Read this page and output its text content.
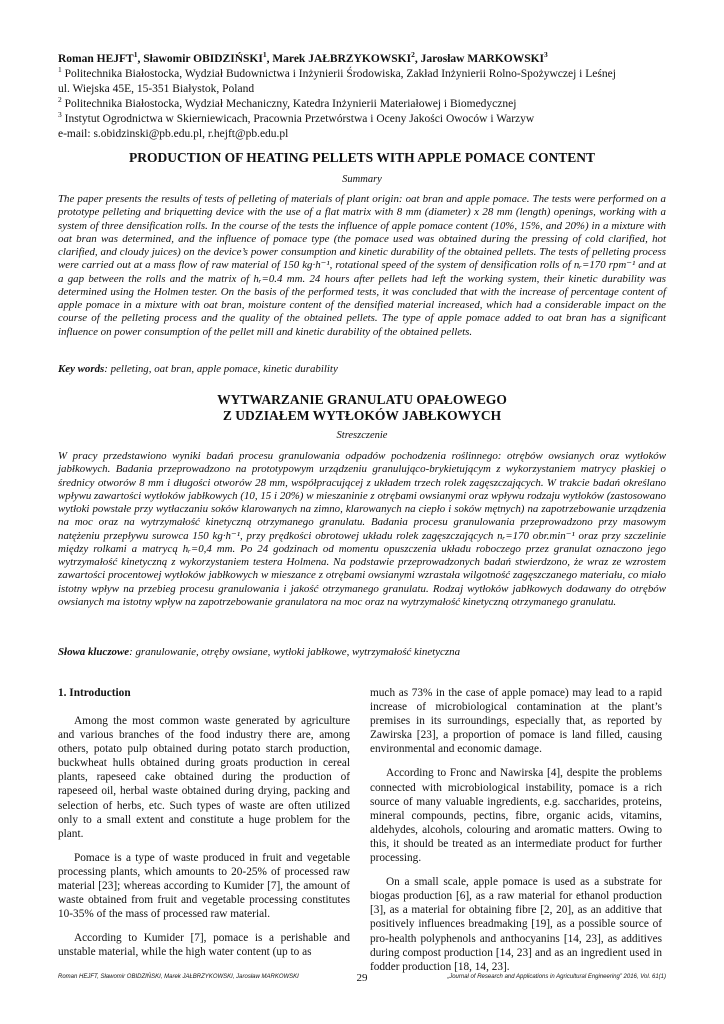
Roman HEJFT$^1$, Sławomir OBIDZIŃSKI$^1$, Marek JAŁBRZYKOWSKI$^2$, Jarosław MARKOWSKI$^3$

$^1$ Politechnika Białostocka, Wydział Budownictwa i Inżynierii Środowiska, Zakład Inżynierii Rolno-Spożywczej i Leśnej

ul. Wiejska 45E, 15-351 Białystok, Poland

$^2$ Politechnika Białostocka, Wydział Mechaniczny, Katedra Inżynierii Materiałowej i Biomedycznej

$^3$ Instytut Ogrodnictwa w Skierniewicach, Pracownia Przetwórstwa i Oceny Jakości Owoców i Warzyw

e-mail: s.obidzinski@pb.edu.pl, r.hejft@pb.edu.pl

PRODUCTION OF HEATING PELLETS WITH APPLE POMACE CONTENT
Summary

The paper presents the results of tests of pelleting of materials of plant origin: oat bran and apple pomace. The tests were performed on a prototype pelleting and briquetting device with the use of a flat matrix with 8 mm (diameter) x 28 mm (length) openings, working with a system of three densification rolls. In the course of the tests the influence of apple pomace content (10%, 15%, and 20%) in a mixture with oat bran was determined, and the influence of pomace type (the pomace used was obtained during the pressing of cold clarified, hot clarified, and cloudy juices) on the device’s power consumption and kinetic durability of the obtained pellets. The tests of pelleting process were carried out at a mass flow of raw material of 150 kg·h⁻¹, rotational speed of the system of densification rolls of nᵣ=170 rpm⁻¹ and at a gap between the rolls and the matrix of hᵣ=0.4 mm. 24 hours after pellets had left the working system, their kinetic durability was determined using the Holmen tester. On the basis of the performed tests, it was concluded that with the increase of percentage content of apple pomace in a mixture with oat bran, moisture content of the densified material increased, which had a considerable impact on the course of the pelleting process and the quality of the obtained pellets. The type of apple pomace added to oat bran has a significant influence on power consumption of the pellet mill and kinetic durability of the obtained pellets.

Key words: pelleting, oat bran, apple pomace, kinetic durability
WYTWARZANIE GRANULATU OPAŁOWEGO
Z UDZIAŁEM WYTŁOKÓW JABŁKOWYCH
Streszczenie

W pracy przedstawiono wyniki badań procesu granulowania odpadów pochodzenia roślinnego: otrębów owsianych oraz wytłoków jabłkowych. Badania przeprowadzono na prototypowym urządzeniu granulująco-brykietującym z wykorzystaniem matrycy płaskiej o średnicy otworów 8 mm i długości otworów 28 mm, współpracującej z układem trzech rolek zagęszczających. W trakcie badań określano wpływu zawartości wytłoków jabłkowych (10, 15 i 20%) w mieszaninie z otrębami owsianymi oraz wpływu rodzaju wytłoków (zastosowano wytłoki powstałe przy wytłaczaniu soków klarowanych na zimno, klarowanych na ciepło i soków mętnych) na zapotrzebowanie urządzenia na moc oraz na wytrzymałość kinetyczną otrzymanego granulatu. Badania procesu granulowania przeprowadzono przy masowym natężeniu przepływu surowca 150 kg·h⁻¹, przy prędkości obrotowej układu rolek zagęszczających nᵣ=170 obr.min⁻¹ oraz przy szczelinie między rolkami a matrycą hᵣ=0,4 mm. Po 24 godzinach od momentu opuszczenia układu roboczego przez granulat oznaczono jego wytrzymałość kinetyczną z wykorzystaniem testera Holmena. Na podstawie przeprowadzonych badań stwierdzono, że wraz ze wzrostem zawartości procentowej wytłoków jabłkowych w mieszance z otrębami owsianymi wzrastała wilgotność zagęszczanego materiału, co miało istotny wpływ na przebieg procesu granulowania i jakość otrzymanego granulatu. Rodzaj wytłoków jabłkowych dodawany do otrębów owsianych ma istotny wpływ na zapotrzebowanie granulatora na moc oraz na wytrzymałość kinetyczną otrzymanego granulatu.

Słowa kluczowe: granulowanie, otręby owsiane, wytłoki jabłkowe, wytrzymałość kinetyczna
1. Introduction

Among the most common waste generated by agriculture and various branches of the food industry there are, among others, potato pulp obtained during potato starch production, buckwheat hulls obtained during groats production in cereal plants, rapeseed cake obtained during the production of rapeseed oil, herbal waste obtained during drying, packing and selection of herbs, etc. Such types of waste are often utilized only to a small extent and constitute a huge problem for the plant.

Pomace is a type of waste produced in fruit and vegetable processing plants, which amounts to 20-25% of processed raw material [23]; whereas according to Kumider [7], the amount of waste obtained from fruit and vegetable processing constitutes 10-35% of the mass of processed raw material.

According to Kumider [7], pomace is a perishable and unstable material, while the high water content (up to as

much as 73% in the case of apple pomace) may lead to a rapid increase of microbiological contamination at the plant’s premises in its surroundings, especially that, as reported by Zawirska [23], a proportion of pomace is land filled, causing environmental and economic damage.

According to Fronc and Nawirska [4], despite the problems connected with microbiological instability, pomace is a rich source of many valuable ingredients, e.g. saccharides, proteins, mineral compounds, pectins, fibre, organic acids, vitamins, aldehydes, alcohols, colouring and aromatic matters. Owing to this, it should be treated as an intermediate product for further processing.

On a small scale, apple pomace is used as a substrate for biogas production [6], as a raw material for ethanol production [3], as a material for obtaining fibre [2, 20], as an additive that positively influences breadmaking [19], as a possible source of pro-health polyphenols and anthocyanins [14, 23], as additives during compost production [14, 23] and as an ingredient used in fodder production [18, 14, 23].

Roman HEJFT, Sławomir OBIDZIŃSKI, Marek JAŁBRZYKOWSKI, Jarosław MARKOWSKI	29	„Journal of Research and Applications in Agricultural Engineering” 2016, Vol. 61(1)
